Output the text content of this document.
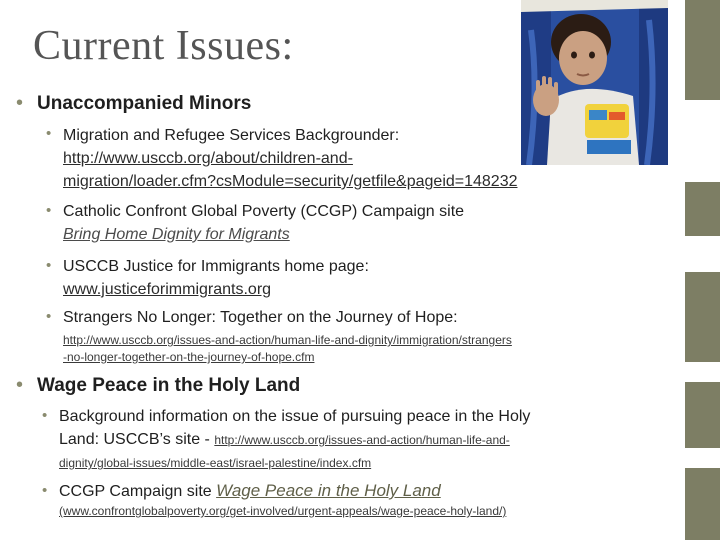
Current Issues:
• Unaccompanied Minors
• Migration and Refugee Services Backgrounder:
http://www.usccb.org/about/children-and-
migration/loader.cfm?csModule=security/getfile&pageid=148232
• Catholic Confront Global Poverty (CCGP) Campaign site
Bring Home Dignity for Migrants
• USCCB Justice for Immigrants home page:
www.justiceforimmigrants.org
• Strangers No Longer: Together on the Journey of Hope:
http://www.usccb.org/issues-and-action/human-life-and-dignity/immigration/strangers
-no-longer-together-on-the-journey-of-hope.cfm
• Wage Peace in the Holy Land
• Background information on the issue of pursuing peace in the Holy
Land: USCCB’s site - http://www.usccb.org/issues-and-action/human-life-and-
dignity/global-issues/middle-east/israel-palestine/index.cfm
• CCGP Campaign site Wage Peace in the Holy Land
(www.confrontglobalpoverty.org/get-involved/urgent-appeals/wage-peace-holy-land/)
